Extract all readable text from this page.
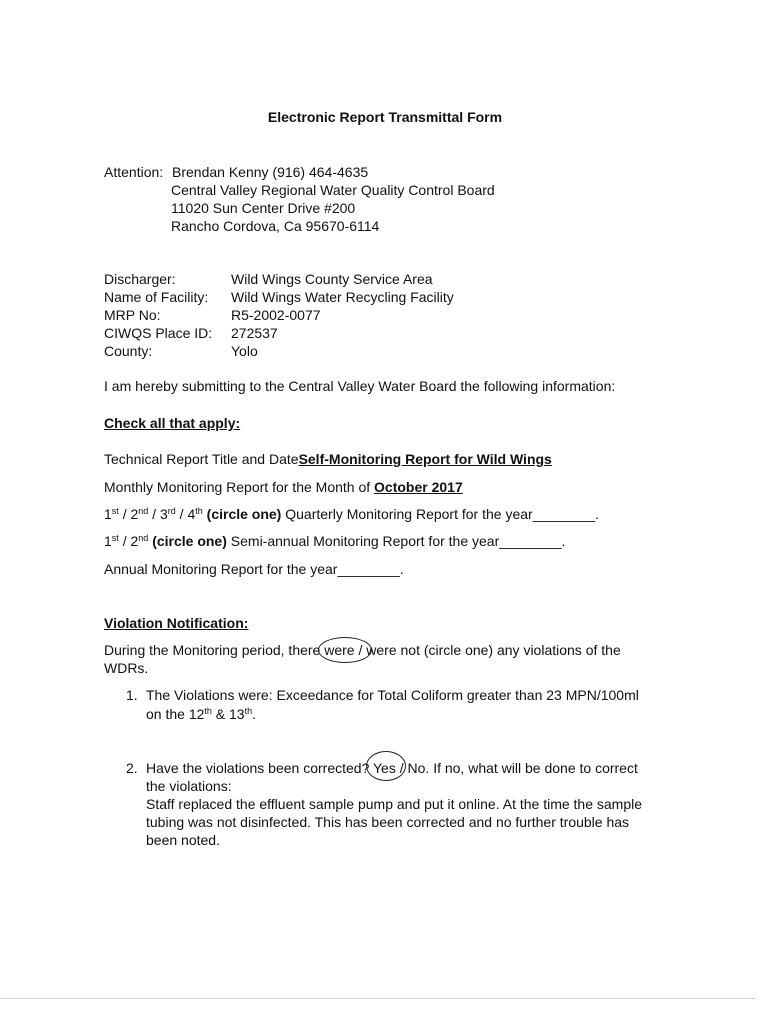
Electronic Report Transmittal Form
Attention: Brendan Kenny (916) 464-4635
Central Valley Regional Water Quality Control Board
11020 Sun Center Drive #200
Rancho Cordova, Ca 95670-6114
Discharger:	Wild Wings County Service Area
Name of Facility: Wild Wings Water Recycling Facility
MRP No:	R5-2002-0077
CIWQS Place ID: 272537
County:	Yolo
I am hereby submitting to the Central Valley Water Board the following information:
Check all that apply:
Technical Report Title and DateSelf-Monitoring Report for Wild Wings
Monthly Monitoring Report for the Month of October 2017
1st / 2nd / 3rd / 4th (circle one) Quarterly Monitoring Report for the year________.
1st / 2nd (circle one) Semi-annual Monitoring Report for the year________.
Annual Monitoring Report for the year________.
Violation Notification:
During the Monitoring period, there were
/ were not (circle one) any violations of the
WDRs.
1. The Violations were: Exceedance for Total Coliform greater than 23 MPN/100ml
on the 12th & 13th.
2. Have the violations been corrected? Yes
/ No. If no, what will be done to correct
the violations:
Staff replaced the effluent sample pump and put it online. At the time the sample
tubing was not disinfected. This has been corrected and no further trouble has
been noted.
